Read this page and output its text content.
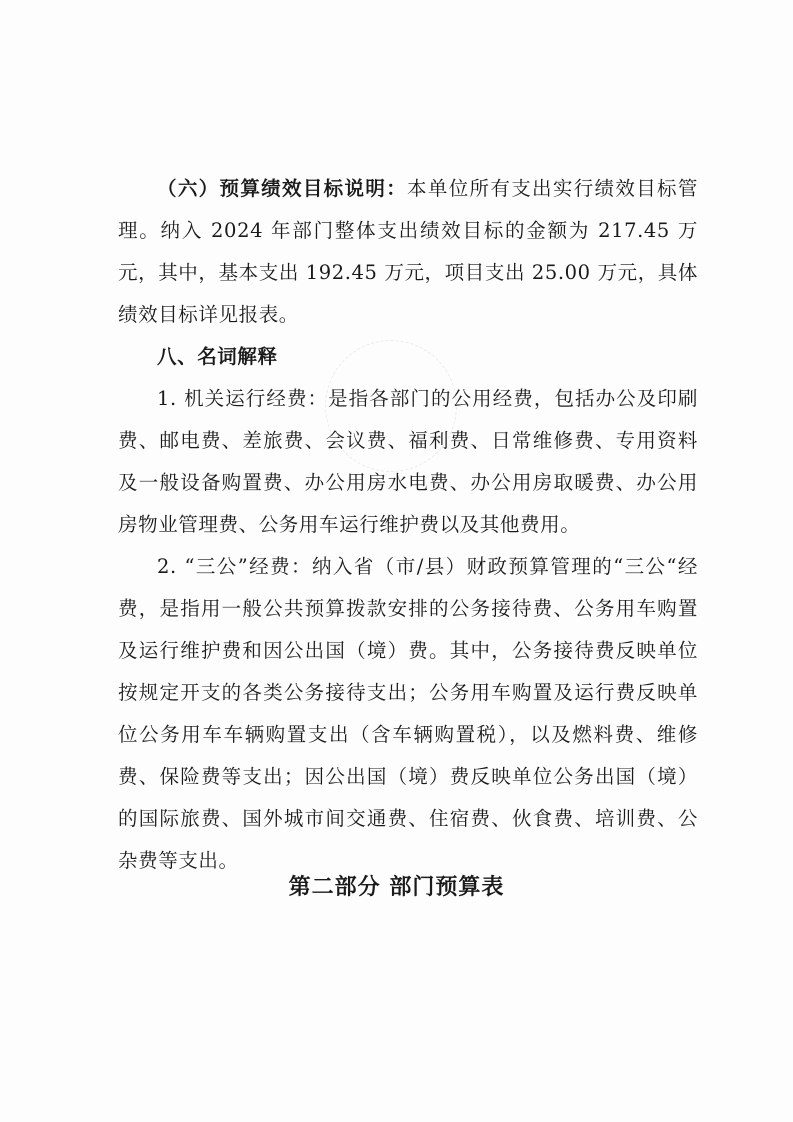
（六）预算绩效目标说明：本单位所有支出实行绩效目标管理。纳入 2024 年部门整体支出绩效目标的金额为 217.45 万元，其中，基本支出 192.45 万元，项目支出 25.00 万元，具体绩效目标详见报表。

八、名词解释

1. 机关运行经费：是指各部门的公用经费，包括办公及印刷费、邮电费、差旅费、会议费、福利费、日常维修费、专用资料及一般设备购置费、办公用房水电费、办公用房取暖费、办公用房物业管理费、公务用车运行维护费以及其他费用。

2. “三公”经费：纳入省（市/县）财政预算管理的“三公“经费，是指用一般公共预算拨款安排的公务接待费、公务用车购置及运行维护费和因公出国（境）费。其中，公务接待费反映单位按规定开支的各类公务接待支出；公务用车购置及运行费反映单位公务用车车辆购置支出（含车辆购置税），以及燃料费、维修费、保险费等支出；因公出国（境）费反映单位公务出国（境）的国际旅费、国外城市间交通费、住宿费、伙食费、培训费、公杂费等支出。

第二部分 部门预算表
